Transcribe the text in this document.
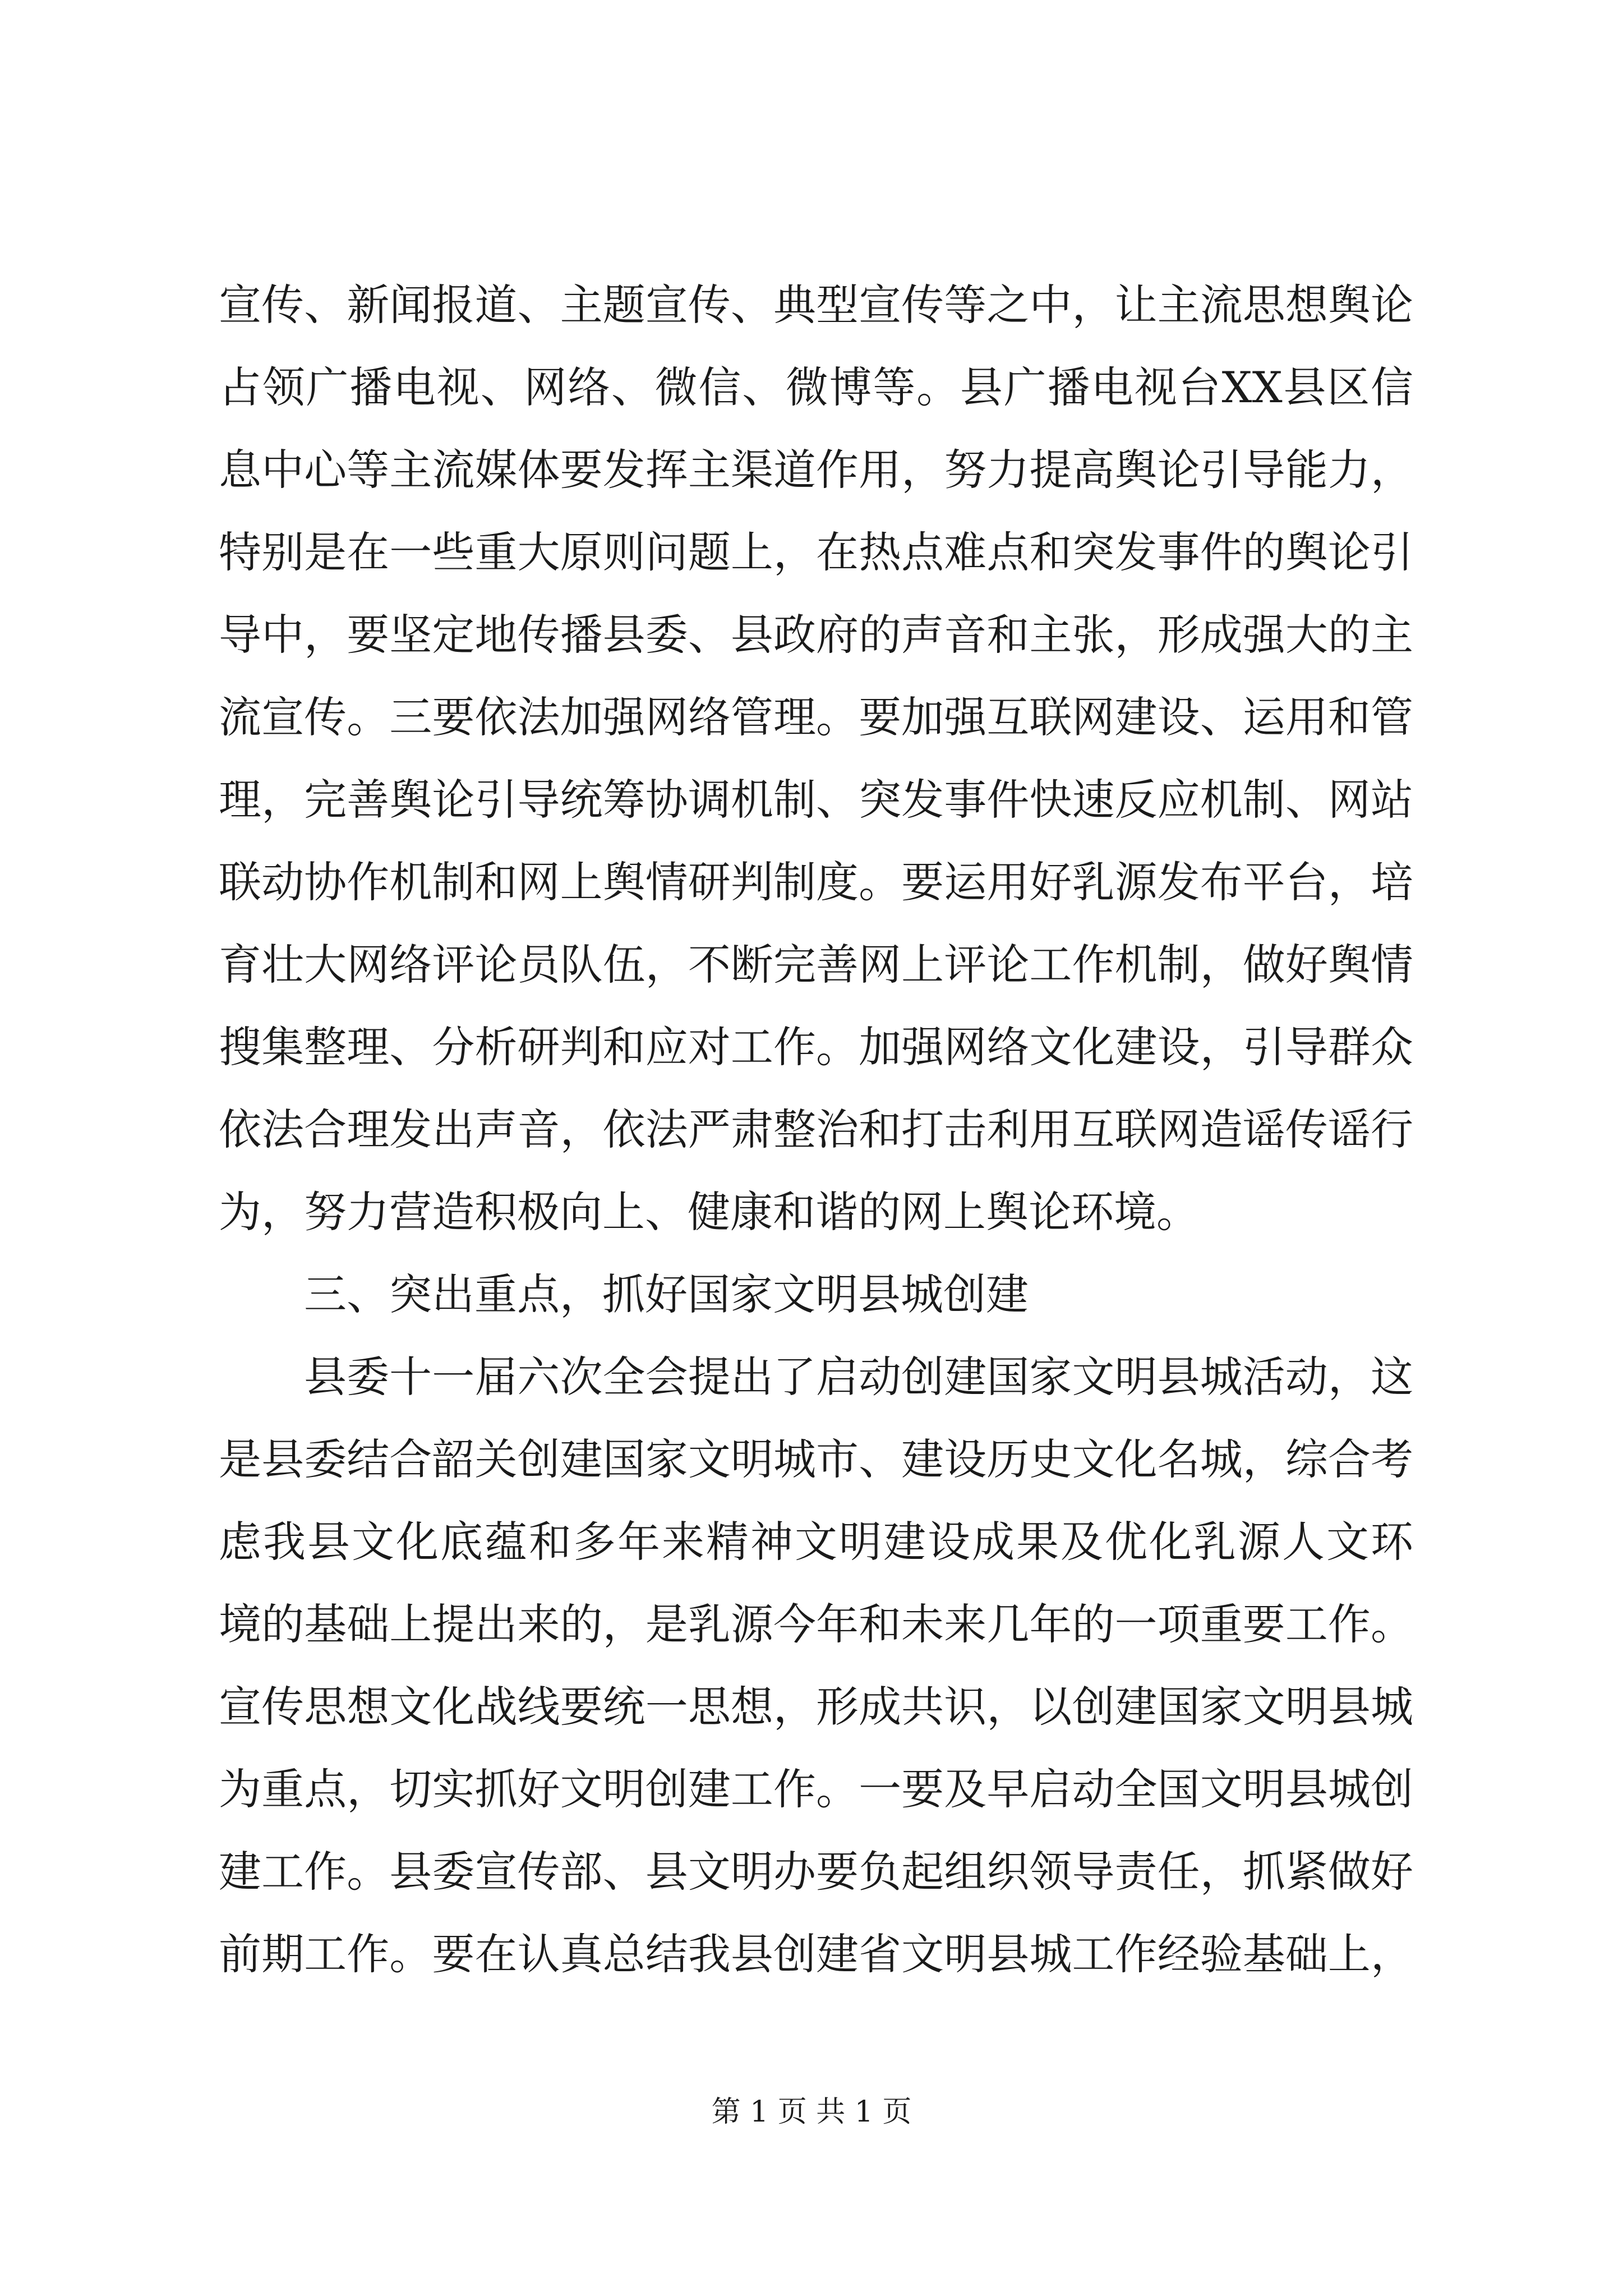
宣传、新闻报道、主题宣传、典型宣传等之中，让主流思想舆论
占领广播电视、网络、微信、微博等。县广播电视台XX县区信
息中心等主流媒体要发挥主渠道作用，努力提高舆论引导能力，
特别是在一些重大原则问题上，在热点难点和突发事件的舆论引
导中，要坚定地传播县委、县政府的声音和主张，形成强大的主
流宣传。三要依法加强网络管理。要加强互联网建设、运用和管
理，完善舆论引导统筹协调机制、突发事件快速反应机制、网站
联动协作机制和网上舆情研判制度。要运用好乳源发布平台，培
育壮大网络评论员队伍，不断完善网上评论工作机制，做好舆情
搜集整理、分析研判和应对工作。加强网络文化建设，引导群众
依法合理发出声音，依法严肃整治和打击利用互联网造谣传谣行
为，努力营造积极向上、健康和谐的网上舆论环境。
三、突出重点，抓好国家文明县城创建
县委十一届六次全会提出了启动创建国家文明县城活动，这
是县委结合韶关创建国家文明城市、建设历史文化名城，综合考
虑我县文化底蕴和多年来精神文明建设成果及优化乳源人文环
境的基础上提出来的，是乳源今年和未来几年的一项重要工作。
宣传思想文化战线要统一思想，形成共识，以创建国家文明县城
为重点，切实抓好文明创建工作。一要及早启动全国文明县城创
建工作。县委宣传部、县文明办要负起组织领导责任，抓紧做好
前期工作。要在认真总结我县创建省文明县城工作经验基础上，
第 1 页 共 1 页
